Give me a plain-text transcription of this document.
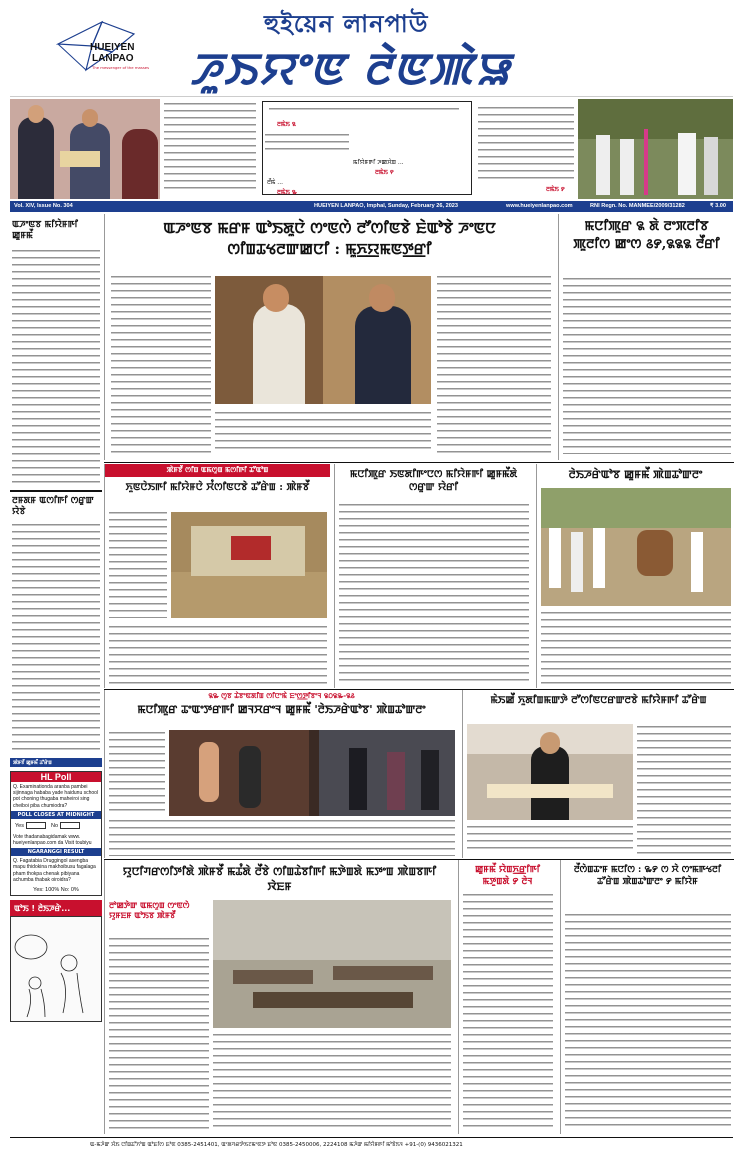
HUEIYEN
LANPAO
The messenger of the masses
হুইয়েন লানপাউ
ꯍꯨꯏꯌꯦꯟ ꯂꯥꯟꯄꯥꯎ
ꯂꯃꯥꯏ ꯲
ꯃꯤꯌꯥꯝꯒꯤ ꯍꯀꯆꯥꯡ ...
ꯂꯃꯥꯏ ꯵
ꯂꯩꯃꯥ ...
ꯂꯃꯥꯏ ꯳	ꯂꯃꯥꯏ ꯸
Vol. XIV, Issue No. 304	HUEIYEN LANPAO, Imphal, Sunday, February 26, 2023	www.hueiyenlanpao.com	RNI Regn. No. MANMEE/2009/31282	₹ 3.00
ꯑꯍꯦꯟꯕ ꯃꯤꯌꯥꯝꯒꯤ ꯀꯨꯝꯃꯩ
ꯂꯝꯗꯝ ꯑꯁꯤꯒꯤ ꯁꯔꯨꯛ ꯌꯥꯕꯥ
ꯄꯥꯝꯕꯩ ꯀꯨꯝꯃꯩ ꯊꯧꯔꯥꯡ
HL Poll
Q. Examinationda aranba pambei sijinnaga hababa yade haidunu school pot choning thugaba maheiroi sing cheiboi piba chumiodra?
POLL CLOSES AT MIDNIGHT
Yes	No
Vote thadanabagidamak www. hueiyenlanpao.com da Visit toubiyu
NGARANGGI RESULT
Q. Fagatabia Druggingol asengba mapu thidokina makhoibusu fagalaga pham thokpa chenak pibiyana achumba thabak oiroidra?
Yes: 100% No: 0%
ꯑꯣꯏ ! ꯂꯥꯏꯍꯔꯥ...
ꯑꯍꯦꯟꯕ ꯃꯔꯝ ꯑꯣꯏꯗꯨꯅꯥ ꯁꯦꯟꯁꯥ ꯂꯧꯁꯤꯟꯕꯥ ꯐꯥꯑꯣꯕꯥ ꯍꯦꯟꯅ ꯁꯤꯡꯊꯠꯂꯛꯀꯅꯤ : ꯃꯨꯈ꯭ꯌꯃꯟꯇ꯭ꯔꯤ
ꯃꯅꯤꯄꯨꯔ ꯲ ꯗꯥ ꯂꯦꯞꯂꯤꯕ ꯄꯨꯂꯤꯁ ꯀꯦꯁ ꯴꯸,꯲꯲꯲ ꯂꯩꯔꯤ
ꯄꯥꯝꯕꯩ ꯁꯤꯡ ꯑꯃꯁꯨꯡ ꯃꯁꯤꯒꯤ ꯊꯧꯑꯣꯡ
ꯈꯨꯟꯅꯥꯏꯒꯤ ꯃꯤꯌꯥꯝꯅꯥ ꯆꯪꯁꯤꯟꯅꯕꯥ ꯊꯧꯔꯥꯡ : ꯄꯥꯝꯕꯩ
ꯃꯅꯤꯄꯨꯔ ꯏꯟꯗꯤꯒꯦꯅꯁ ꯃꯤꯌꯥꯝꯒꯤ ꯀꯨꯝꯃꯩꯗꯥ ꯁꯔꯨꯛ ꯌꯥꯔꯤ
ꯂꯥꯏꯍꯔꯥꯑꯣꯕ ꯀꯨꯝꯃꯩ ꯄꯥꯡꯊꯣꯛꯂꯦ
꯲꯳ ꯁꯨꯕ ꯊꯥꯕꯦꯟꯗꯤꯡ ꯁꯤꯅꯦꯃꯥ ꯐꯦꯁ꯭ꯇꯤꯕꯦꯜ ꯲꯰꯲꯳-꯲꯴
ꯃꯅꯤꯄꯨꯔ ꯊꯦꯑꯦꯇꯔꯒꯤ ꯀꯜꯆꯔꯦꯜ ꯀꯨꯝꯃꯩ 'ꯂꯥꯏꯍꯔꯥꯑꯣꯕ' ꯄꯥꯡꯊꯣꯛꯂꯦ
ꯃꯥꯏꯀꯩ ꯈꯨꯗꯤꯡꯃꯛꯇꯥ ꯂꯧꯁꯤꯟꯅꯔꯛꯂꯕꯥ ꯃꯤꯌꯥꯝꯒꯤ ꯊꯧꯔꯥꯡ
ꯌꯨꯅꯤꯚꯔꯁꯤꯇꯤꯗꯥ ꯄꯥꯝꯕꯩ ꯃꯊꯪꯗꯥ ꯂꯩꯕꯥ ꯁꯤꯡꯊꯥꯕꯤꯒꯤ ꯃꯇꯥꯡꯗꯥ ꯃꯇꯦꯡ ꯄꯥꯡꯕꯒꯤ ꯋꯥꯐꯝ
ꯂꯣꯀꯇꯥꯛ ꯑꯃꯁꯨꯡ ꯁꯦꯟꯁꯥ ꯌꯨꯝꯐꯝ ꯑꯣꯏꯕ ꯄꯥꯝꯕꯩ
ꯀꯨꯝꯃꯩ ꯌꯥꯡꯈ꯭ꯔꯤꯒꯤ ꯃꯇꯨꯡꯗꯥ ꯸ ꯂꯥꯜ
ꯂꯩꯁꯥꯡꯊꯦꯝ ꯃꯅꯤꯁ : ꯳꯸ ꯁ ꯆꯥ ꯁꯦꯃꯒꯠꯂꯤ ꯊꯧꯔꯥꯡ ꯄꯥꯡꯊꯣꯛꯂꯦ ꯸ ꯃꯤꯌꯥꯝ
ꯑ-ꯃꯍꯥꯛ ꯆꯥꯏ ꯅꯤꯡꯊꯧꯈꯣꯡ ꯑꯣꯐꯤꯁ ꯐꯣꯟ 0385-2451401, ꯑꯦꯗꯚꯔꯇꯥꯏꯖꯃꯦꯟꯇ ꯐꯣꯟ 0385-2450006, 2224108 ꯃꯍꯥꯛ ꯃꯤꯌꯥꯝꯒꯤ ꯃꯣꯕꯥꯏꯜ +91-(0) 9436021321
